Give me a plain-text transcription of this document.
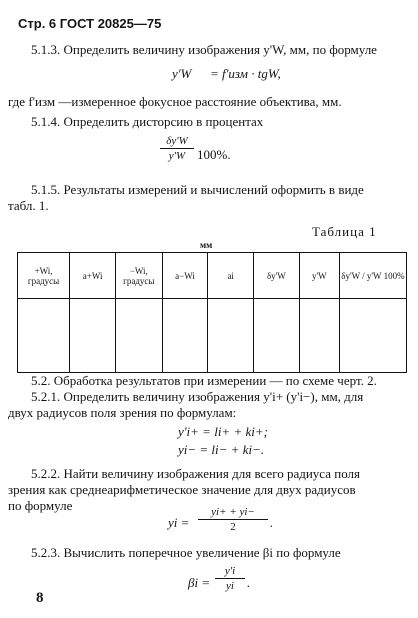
Стр. 6 ГОСТ 20825—75
5.1.3. Определить величину изображения y'W, мм, по формуле
y'W = f'изм · tgW,
где f'изм —измеренное фокусное расстояние объектива, мм.
5.1.4. Определить дисторсию в процентах
δy'W
y'W 100%.
5.1.5. Результаты измерений и вычислений оформить в виде
табл. 1.
Таблица 1
мм
+Wi, градусы	a+Wi	−Wi, градусы	a−Wi	ai	δy'W	y'W	δy'W / y'W 100%

5.2. Обработка результатов при измерении — по схеме черт. 2.
5.2.1. Определить величину изображения y'i+ (y'i−), мм, для
двух радиусов поля зрения по формулам:
y'i+ = li+ + ki+;
yi− = li− + ki−.
5.2.2. Найти величину изображения для всего радиуса поля
зрения как среднеарифметическое значение для двух радиусов
по формуле
yi =
yi+ + yi−
2	.
5.2.3. Вычислить поперечное увеличение βi по формуле
βi =
y'i
yi	.
8
